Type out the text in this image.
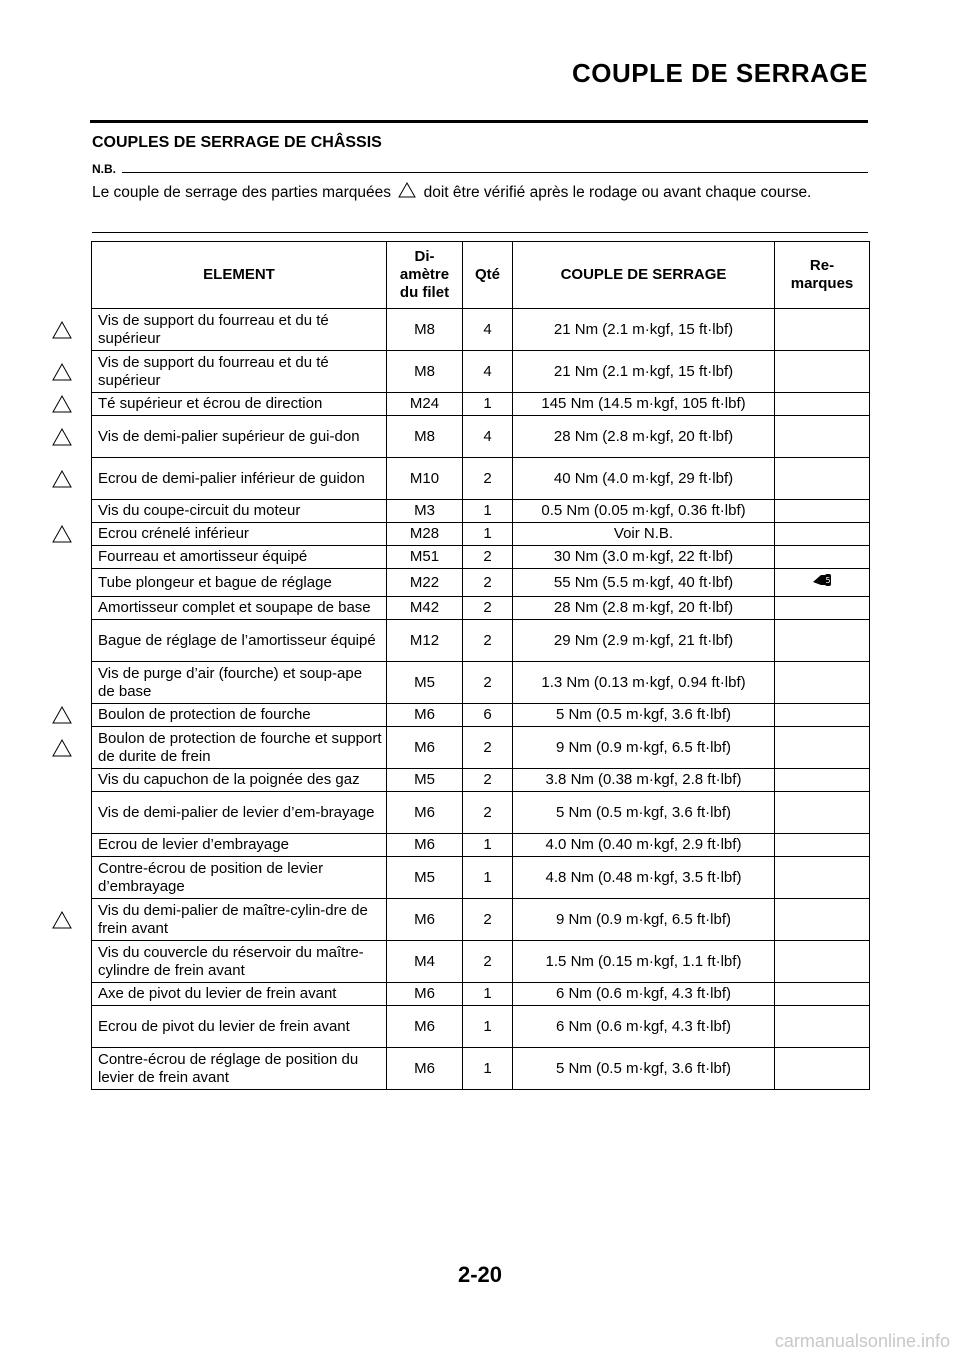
COUPLE DE SERRAGE
COUPLES DE SERRAGE DE CHÂSSIS
N.B.
Le couple de serrage des parties marquées doit être vérifié après le rodage ou avant chaque course.
ELEMENT	Di-amètre du filet	Qté	COUPLE DE SERRAGE	Re-marques

Vis de support du fourreau et du té supérieur	M8	4	21 Nm (2.1 m·kgf, 15 ft·lbf)	

Vis de support du fourreau et du té supérieur	M8	4	21 Nm (2.1 m·kgf, 15 ft·lbf)	

Té supérieur et écrou de direction	M24	1	145 Nm (14.5 m·kgf, 105 ft·lbf)	

Vis de demi-palier supérieur de gui-don	M8	4	28 Nm (2.8 m·kgf, 20 ft·lbf)	

Ecrou de demi-palier inférieur de guidon	M10	2	40 Nm (4.0 m·kgf, 29 ft·lbf)	
Vis du coupe-circuit du moteur	M3	1	0.5 Nm (0.05 m·kgf, 0.36 ft·lbf)	

Ecrou crénelé inférieur	M28	1	Voir N.B.	
Fourreau et amortisseur équipé	M51	2	30 Nm (3.0 m·kgf, 22 ft·lbf)	
Tube plongeur et bague de réglage	M22	2	55 Nm (5.5 m·kgf, 40 ft·lbf)	5

Amortisseur complet et soupape de base	M42	2	28 Nm (2.8 m·kgf, 20 ft·lbf)	
Bague de réglage de l’amortisseur équipé	M12	2	29 Nm (2.9 m·kgf, 21 ft·lbf)	
Vis de purge d’air (fourche) et soup-ape de base	M5	2	1.3 Nm (0.13 m·kgf, 0.94 ft·lbf)	

Boulon de protection de fourche	M6	6	5 Nm (0.5 m·kgf, 3.6 ft·lbf)	

Boulon de protection de fourche et support de durite de frein	M6	2	9 Nm (0.9 m·kgf, 6.5 ft·lbf)	
Vis du capuchon de la poignée des gaz	M5	2	3.8 Nm (0.38 m·kgf, 2.8 ft·lbf)	
Vis de demi-palier de levier d’em-brayage	M6	2	5 Nm (0.5 m·kgf, 3.6 ft·lbf)	
Ecrou de levier d’embrayage	M6	1	4.0 Nm (0.40 m·kgf, 2.9 ft·lbf)	
Contre-écrou de position de levier d’embrayage	M5	1	4.8 Nm (0.48 m·kgf, 3.5 ft·lbf)	

Vis du demi-palier de maître-cylin-dre de frein avant	M6	2	9 Nm (0.9 m·kgf, 6.5 ft·lbf)	
Vis du couvercle du réservoir du maître-cylindre de frein avant	M4	2	1.5 Nm (0.15 m·kgf, 1.1 ft·lbf)	
Axe de pivot du levier de frein avant	M6	1	6 Nm (0.6 m·kgf, 4.3 ft·lbf)	
Ecrou de pivot du levier de frein avant	M6	1	6 Nm (0.6 m·kgf, 4.3 ft·lbf)	
Contre-écrou de réglage de position du levier de frein avant	M6	1	5 Nm (0.5 m·kgf, 3.6 ft·lbf)	
2-20
carmanualsonline.info
